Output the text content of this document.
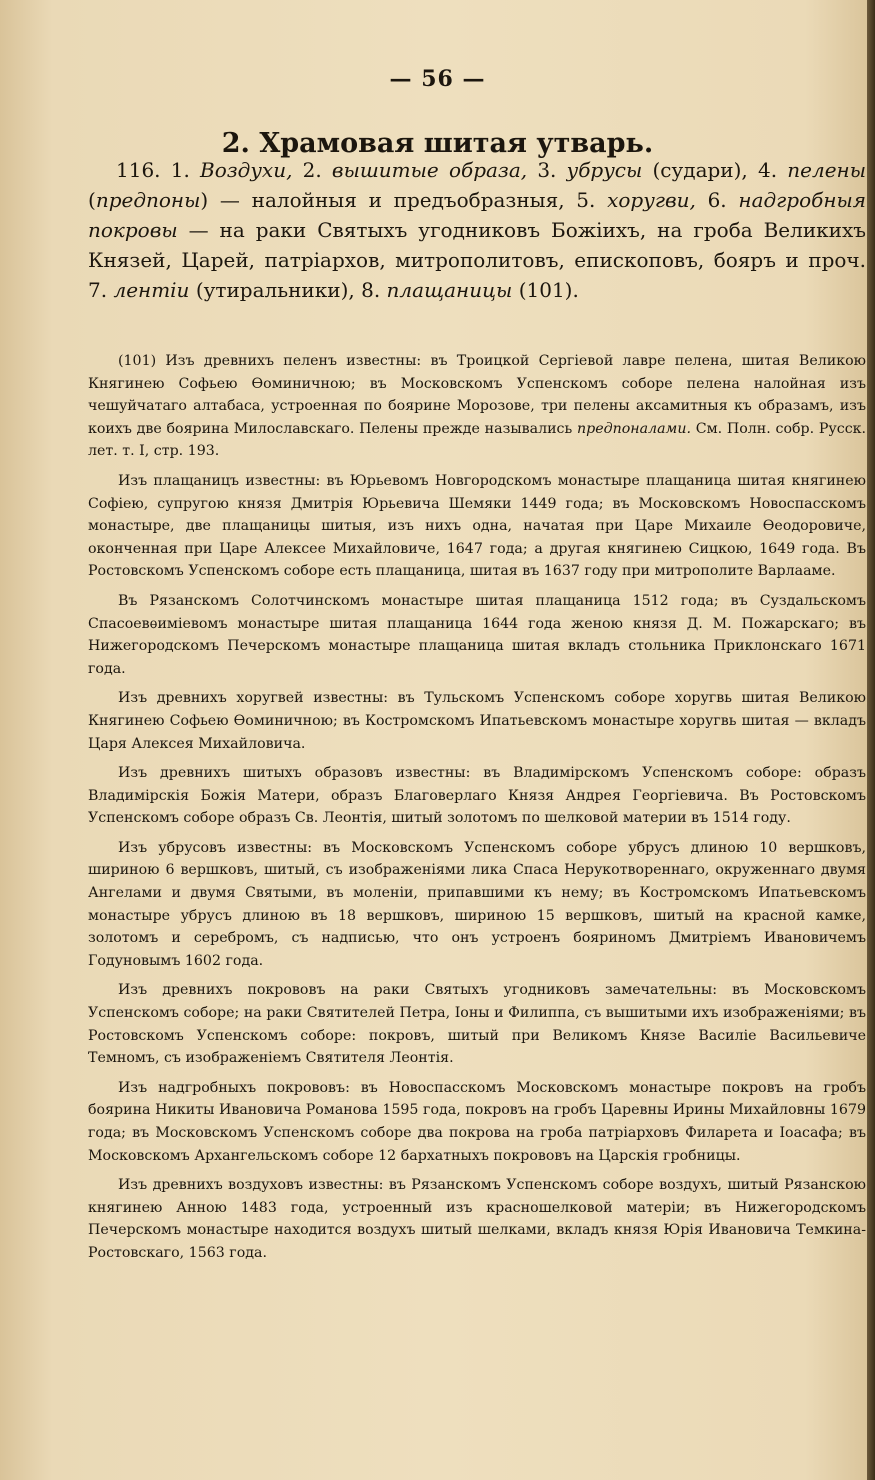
— 56 —
2. Храмовая шитая утварь.
116. 1. Воздухи, 2. вышитые образа, 3. убрусы (судари), 4. пелены (предпоны) — налойныя и предъобразныя, 5. хоругви, 6. надгробныя покровы — на раки Святыхъ угодниковъ Божiихъ, на гроба Великихъ Князей, Царей, патрiархов, митрополитовъ, епископовъ, бояръ и проч. 7. лентiи (утиральники), 8. плащаницы (101).

(101) Изъ древнихъ пеленъ известны: въ Троицкой Сергiевой лавре пелена, шитая Великою Княгинею Софьею Ѳоминичною; въ Московскомъ Успенскомъ соборе пелена налойная изъ чешуйчатаго алтабаса, устроенная по боярине Морозове, три пелены аксамитныя къ образамъ, изъ коихъ две боярина Милославскаго. Пелены прежде назывались предпоналами. См. Полн. собр. Русск. лет. т. I, стр. 193.

Изъ плащаницъ известны: въ Юрьевомъ Новгородскомъ монастыре плащаница шитая княгинею Софiею, супругою князя Дмитрiя Юрьевича Шемяки 1449 года; въ Московскомъ Новоспасскомъ монастыре, две плащаницы шитыя, изъ нихъ одна, начатая при Царе Михаиле Ѳеодоровиче, оконченная при Царе Алексее Михайловиче, 1647 года; а другая княгинею Сицкою, 1649 года. Въ Ростовскомъ Успенскомъ соборе есть плащаница, шитая въ 1637 году при митрополите Варлааме.

Въ Рязанскомъ Солотчинскомъ монастыре шитая плащаница 1512 года; въ Суздальскомъ Спасоевѳимiевомъ монастыре шитая плащаница 1644 года женою князя Д. М. Пожарскаго; въ Нижегородскомъ Печерскомъ монастыре плащаница шитая вкладъ стольника Приклонскаго 1671 года.

Изъ древнихъ хоругвей известны: въ Тульскомъ Успенскомъ соборе хоругвь шитая Великою Княгинею Софьею Ѳоминичною; въ Костромскомъ Ипатьевскомъ монастыре хоругвь шитая — вкладъ Царя Алексея Михайловича.

Изъ древнихъ шитыхъ образовъ известны: въ Владимiрскомъ Успенскомъ соборе: образъ Владимiрскiя Божiя Матери, образъ Благоверлаго Князя Андрея Георгiевича. Въ Ростовскомъ Успенскомъ соборе образъ Св. Леонтiя, шитый золотомъ по шелковой материи въ 1514 году.

Изъ убрусовъ известны: въ Московскомъ Успенскомъ соборе убрусъ длиною 10 вершковъ, шириною 6 вершковъ, шитый, съ изображенiями лика Спаса Нерукотвореннаго, окруженнаго двумя Ангелами и двумя Святыми, въ моленiи, припавшими къ нему; въ Костромскомъ Ипатьевскомъ монастыре убрусъ длиною въ 18 вершковъ, шириною 15 вершковъ, шитый на красной камке, золотомъ и серебромъ, съ надписью, что онъ устроенъ бояриномъ Дмитрiемъ Ивановичемъ Годуновымъ 1602 года.

Изъ древнихъ покрововъ на раки Святыхъ угодниковъ замечательны: въ Московскомъ Успенскомъ соборе; на раки Святителей Петра, Iоны и Филиппа, съ вышитыми ихъ изображенiями; въ Ростовскомъ Успенскомъ соборе: покровъ, шитый при Великомъ Князе Василiе Васильевиче Темномъ, съ изображенiемъ Святителя Леонтiя.

Изъ надгробныхъ покрововъ: въ Новоспасскомъ Московскомъ монастыре покровъ на гробъ боярина Никиты Ивановича Романова 1595 года, покровъ на гробъ Царевны Ирины Михайловны 1679 года; въ Московскомъ Успенскомъ соборе два покрова на гроба патрiарховъ Филарета и Iоасафа; въ Московскомъ Архангельскомъ соборе 12 бархатныхъ покрововъ на Царскiя гробницы.

Изъ древнихъ воздуховъ известны: въ Рязанскомъ Успенскомъ соборе воздухъ, шитый Рязанскою княгинею Анною 1483 года, устроенный изъ краснoшелковой матерiи; въ Нижегородскомъ Печерскомъ монастыре находится воздухъ шитый шелками, вкладъ князя Юрiя Ивановича Темкина-Ростовскаго, 1563 года.
